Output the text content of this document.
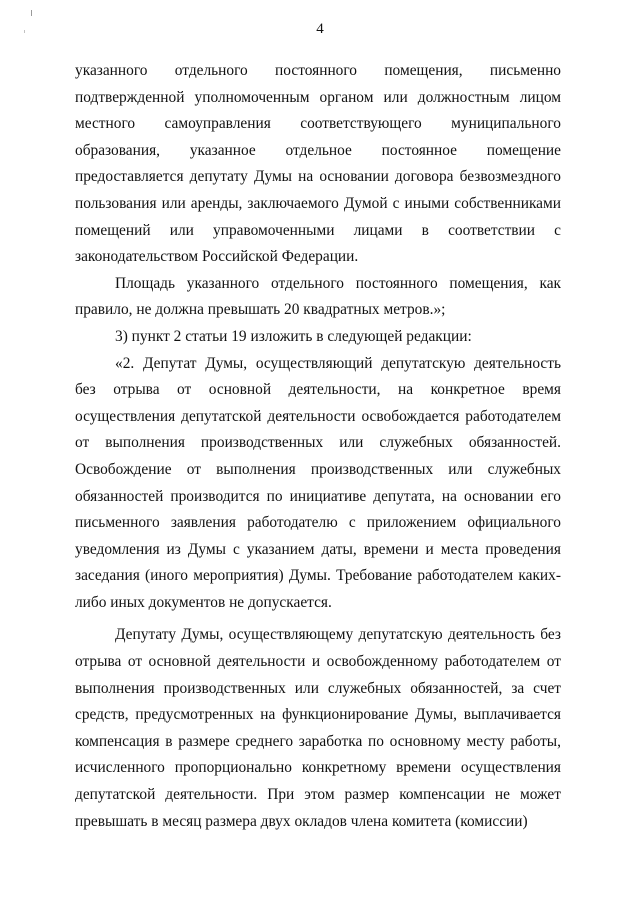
4

указанного отдельного постоянного помещения, письменно подтвержденной уполномоченным органом или должностным лицом местного самоуправления соответствующего муниципального образования, указанное отдельное постоянное помещение предоставляется депутату Думы на основании договора безвозмездного пользования или аренды, заключаемого Думой с иными собственниками помещений или управомоченными лицами в соответствии с законодательством Российской Федерации.

Площадь указанного отдельного постоянного помещения, как правило, не должна превышать 20 квадратных метров.»;

3) пункт 2 статьи 19 изложить в следующей редакции:

«2. Депутат Думы, осуществляющий депутатскую деятельность без отрыва от основной деятельности, на конкретное время осуществления депутатской деятельности освобождается работодателем от выполнения производственных или служебных обязанностей. Освобождение от выполнения производственных или служебных обязанностей производится по инициативе депутата, на основании его письменного заявления работодателю с приложением официального уведомления из Думы с указанием даты, времени и места проведения заседания (иного мероприятия) Думы. Требование работодателем каких-либо иных документов не допускается.

Депутату Думы, осуществляющему депутатскую деятельность без отрыва от основной деятельности и освобожденному работодателем от выполнения производственных или служебных обязанностей, за счет средств, предусмотренных на функционирование Думы, выплачивается компенсация в размере среднего заработка по основному месту работы, исчисленного пропорционально конкретному времени осуществления депутатской деятельности. При этом размер компенсации не может превышать в месяц размера двух окладов члена комитета (комиссии)
